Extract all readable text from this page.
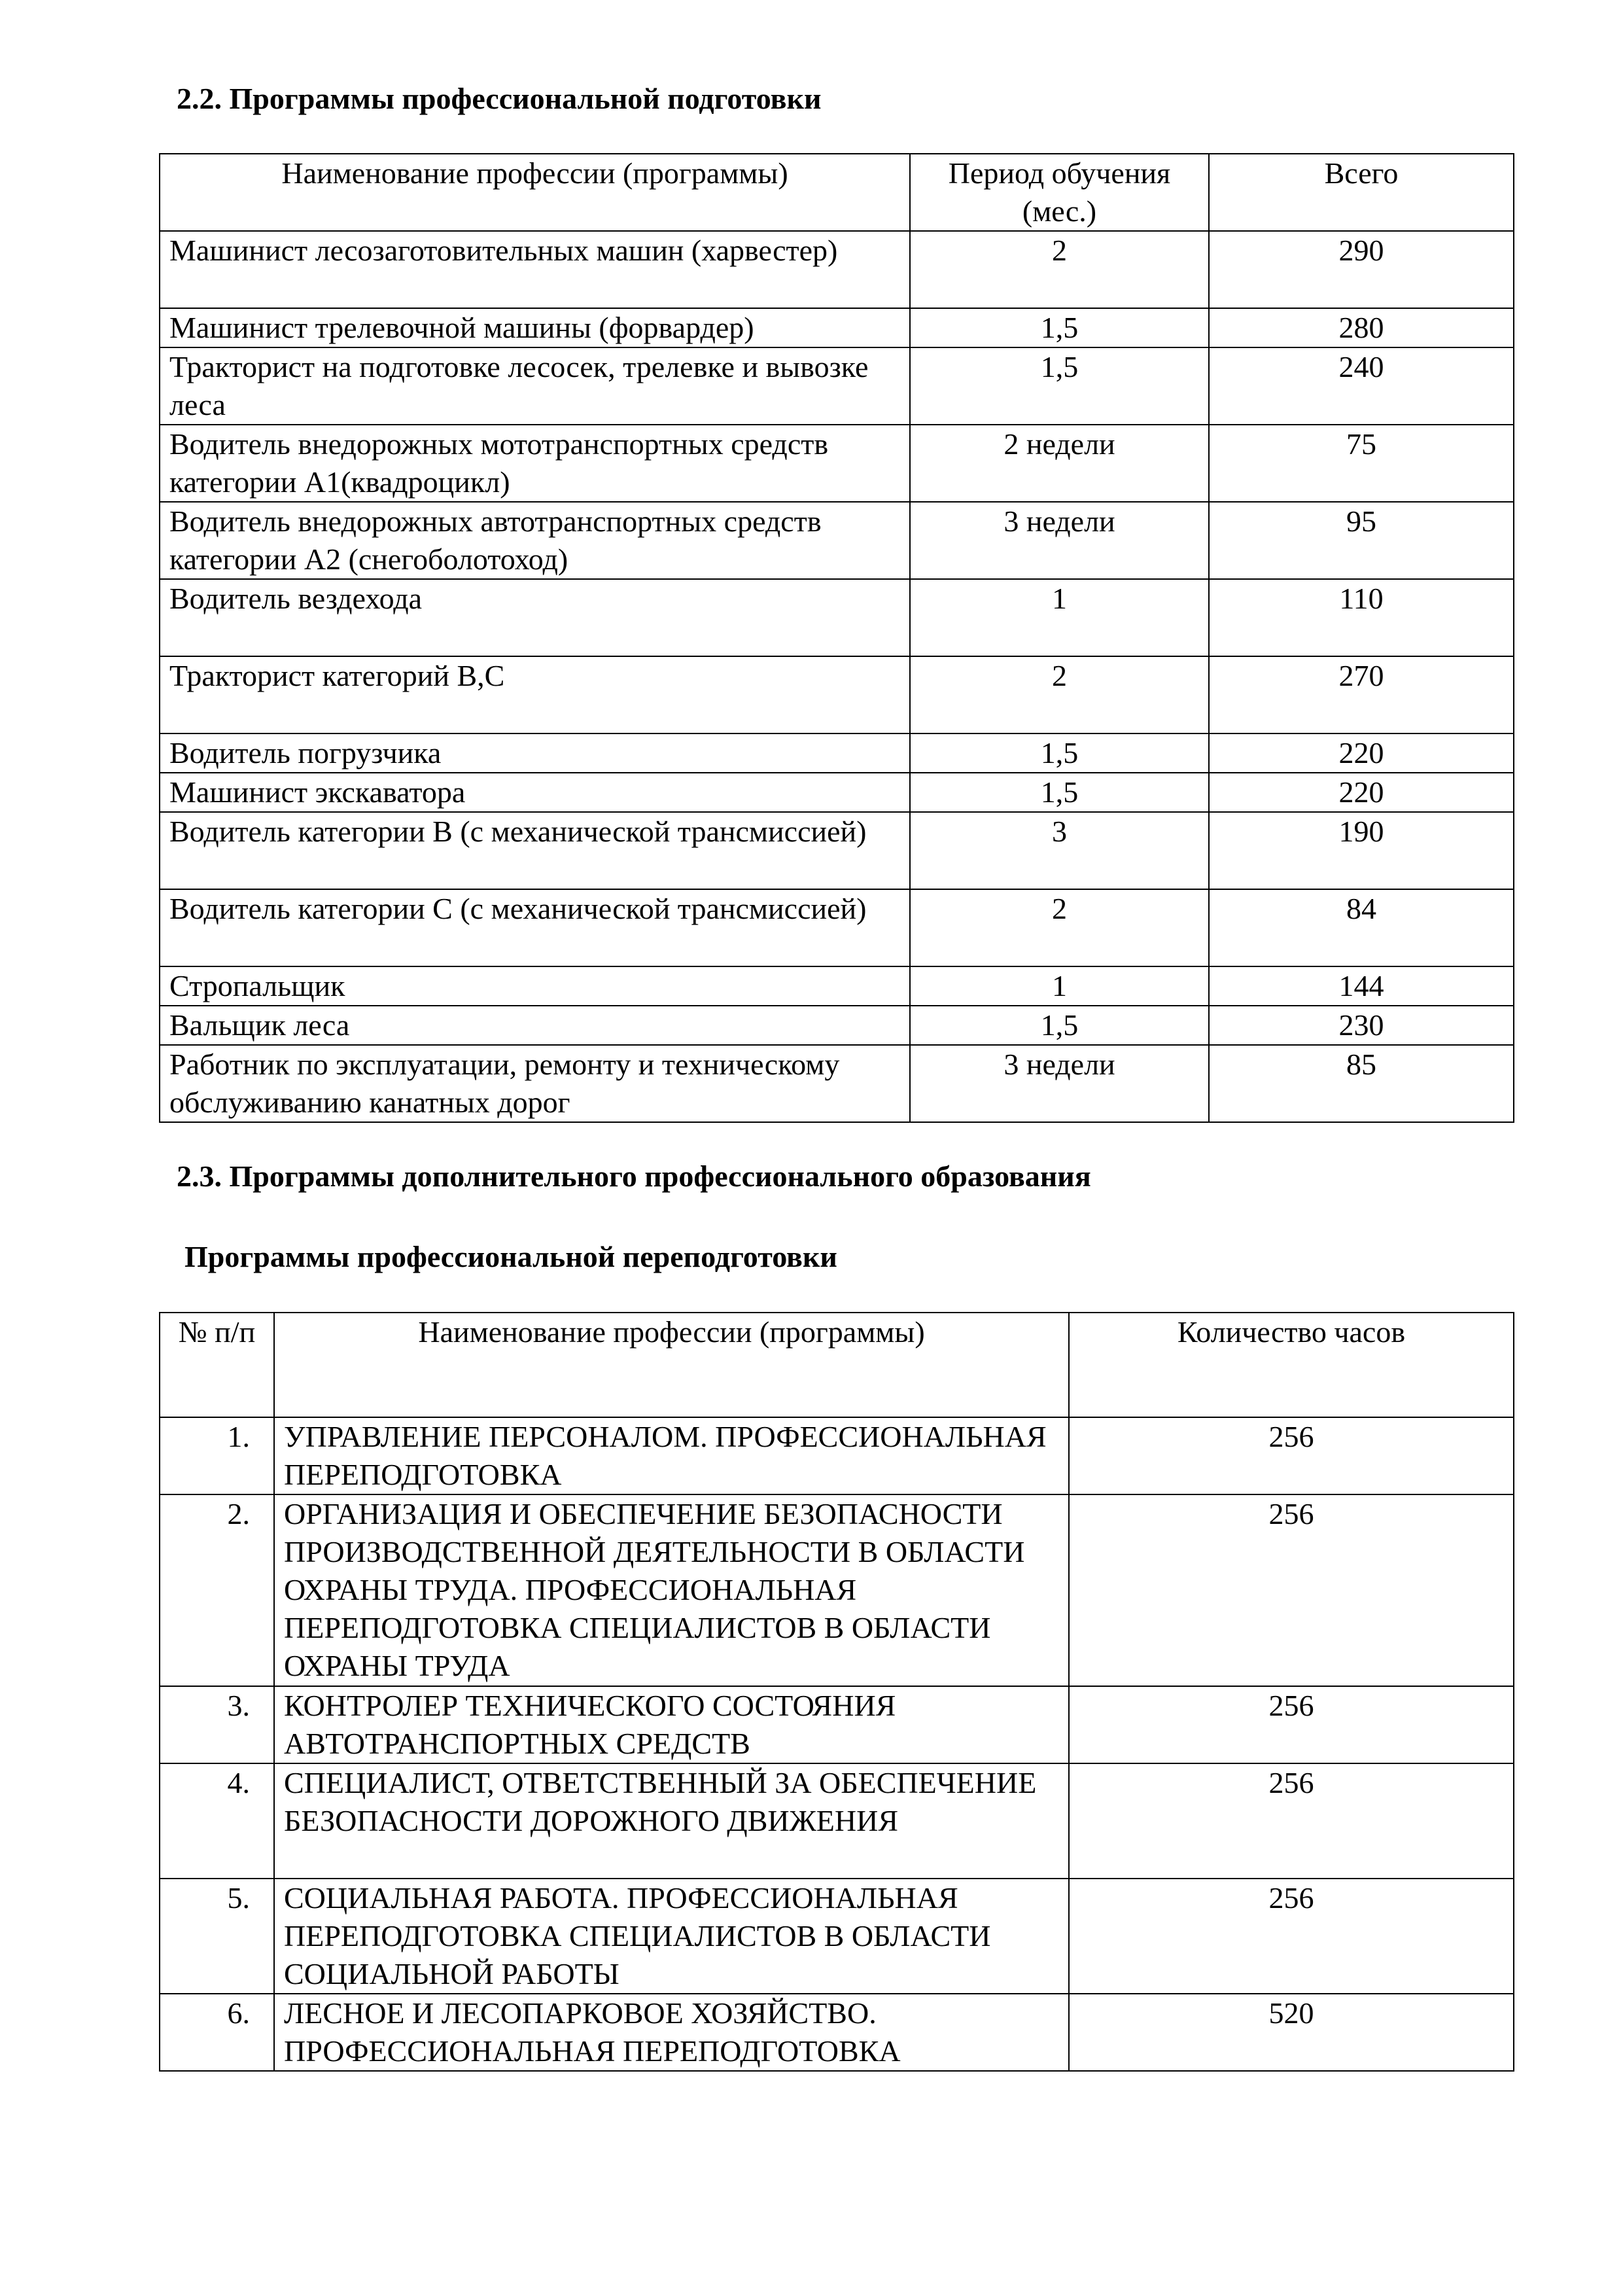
2.2. Программы профессиональной подготовки
Наименование профессии (программы)	Период обучения (мес.)	Всего
Машинист лесозаготовительных машин (харвестер)	2	290
Машинист трелевочной машины (форвардер)	1,5	280
Тракторист на подготовке лесосек, трелевке и вывозке леса	1,5	240
Водитель внедорожных мототранспортных средств категории А1(квадроцикл)	2 недели	75
Водитель внедорожных автотранспортных средств категории А2 (снегоболотоход)	3 недели	95
Водитель вездехода	1	110
Тракторист категорий В,С	2	270
Водитель погрузчика	1,5	220
Машинист экскаватора	1,5	220
Водитель категории В (с механической трансмиссией)	3	190
Водитель категории С (с механической трансмиссией)	2	84
Стропальщик	1	144
Вальщик леса	1,5	230
Работник по эксплуатации, ремонту и техническому обслуживанию канатных дорог	3 недели	85
2.3. Программы дополнительного профессионального образования
Программы профессиональной переподготовки
№ п/п	Наименование профессии (программы)	Количество часов
1.	УПРАВЛЕНИЕ ПЕРСОНАЛОМ. ПРОФЕССИОНАЛЬНАЯ ПЕРЕПОДГОТОВКА	256
2.	ОРГАНИЗАЦИЯ И ОБЕСПЕЧЕНИЕ БЕЗОПАСНОСТИ ПРОИЗВОДСТВЕННОЙ ДЕЯТЕЛЬНОСТИ В ОБЛАСТИ ОХРАНЫ ТРУДА. ПРОФЕССИОНАЛЬНАЯ ПЕРЕПОДГОТОВКА СПЕЦИАЛИСТОВ В ОБЛАСТИ ОХРАНЫ ТРУДА	256
3.	КОНТРОЛЕР ТЕХНИЧЕСКОГО СОСТОЯНИЯ АВТОТРАНСПОРТНЫХ СРЕДСТВ	256
4.	СПЕЦИАЛИСТ, ОТВЕТСТВЕННЫЙ ЗА ОБЕСПЕЧЕНИЕ БЕЗОПАСНОСТИ ДОРОЖНОГО ДВИЖЕНИЯ	256
5.	СОЦИАЛЬНАЯ РАБОТА. ПРОФЕССИОНАЛЬНАЯ ПЕРЕПОДГОТОВКА СПЕЦИАЛИСТОВ В ОБЛАСТИ СОЦИАЛЬНОЙ РАБОТЫ	256
6.	ЛЕСНОЕ И ЛЕСОПАРКОВОЕ ХОЗЯЙСТВО. ПРОФЕССИОНАЛЬНАЯ ПЕРЕПОДГОТОВКА	520
